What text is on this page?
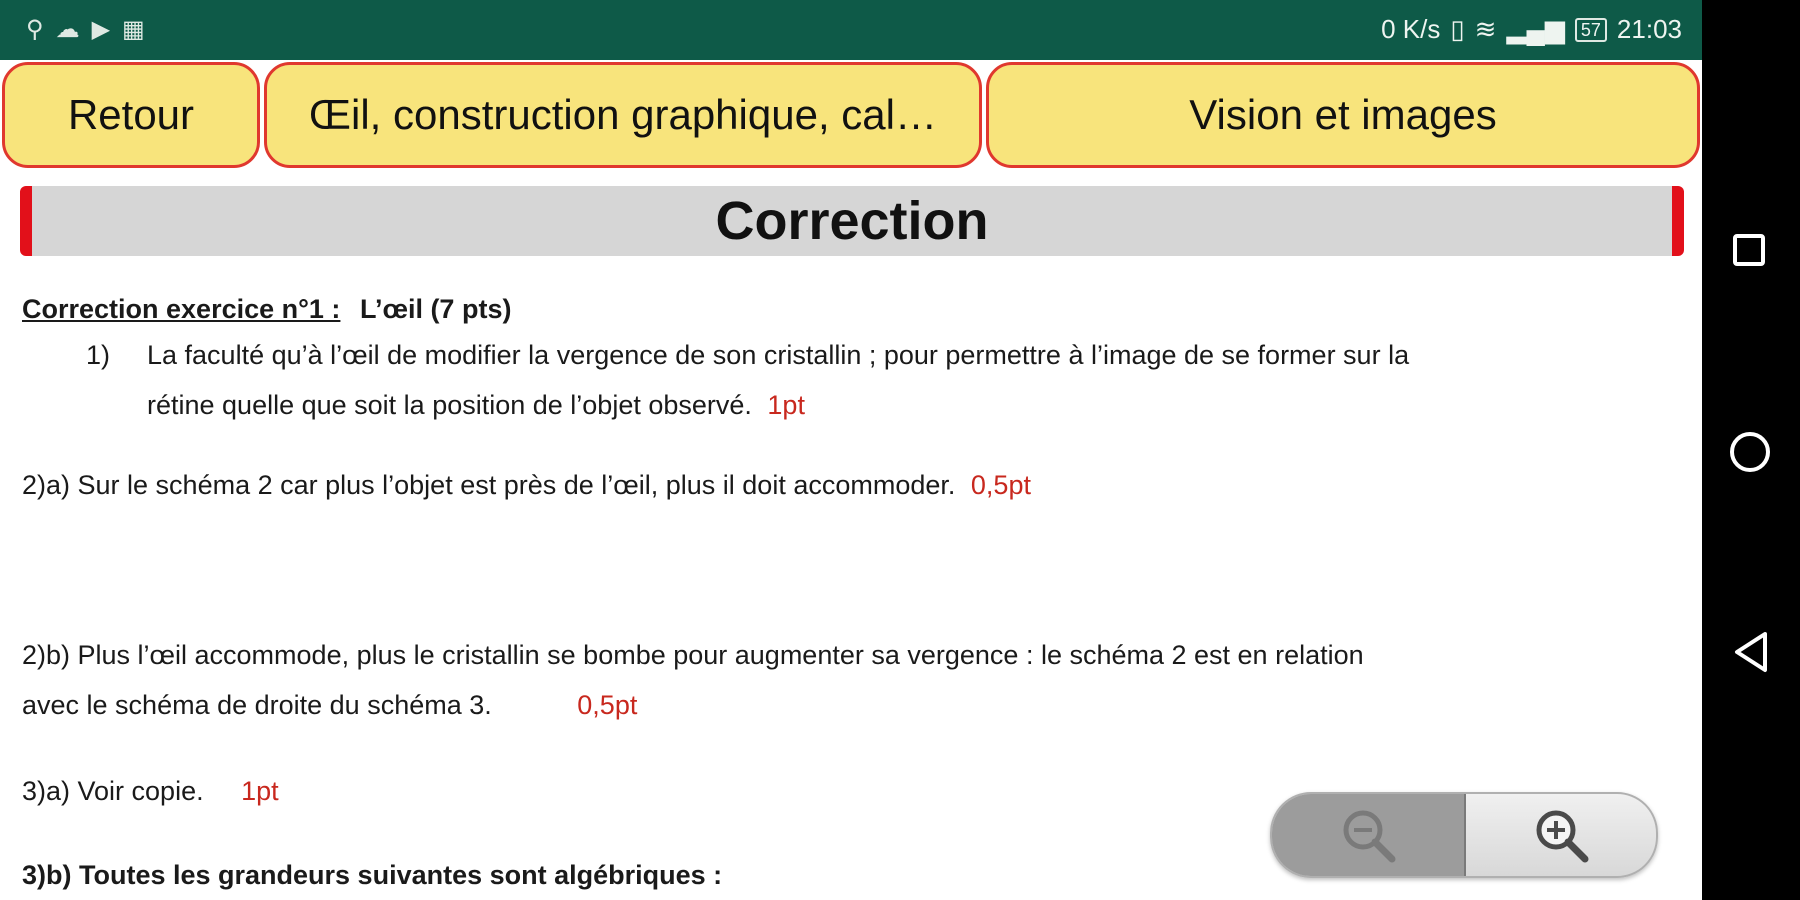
⚲ ☁ ▶ ▦	0 K/s ▯ ≋ ▂▄▆ 57 21:03
Retour	Œil, construction graphique, cal…	Vision et images
Correction
Correction exercice n°1 : L’œil (7 pts)
1) La faculté qu’à l’œil de modifier la vergence de son cristallin ; pour permettre à l’image de se former sur la
rétine quelle que soit la position de l’objet observé. 1pt
2)a) Sur le schéma 2 car plus l’objet est près de l’œil, plus il doit accommoder. 0,5pt
2)b) Plus l’œil accommode, plus le cristallin se bombe pour augmenter sa vergence : le schéma 2 est en relation
avec le schéma de droite du schéma 3.	0,5pt
3)a) Voir copie. 1pt
3)b) Toutes les grandeurs suivantes sont algébriques :
